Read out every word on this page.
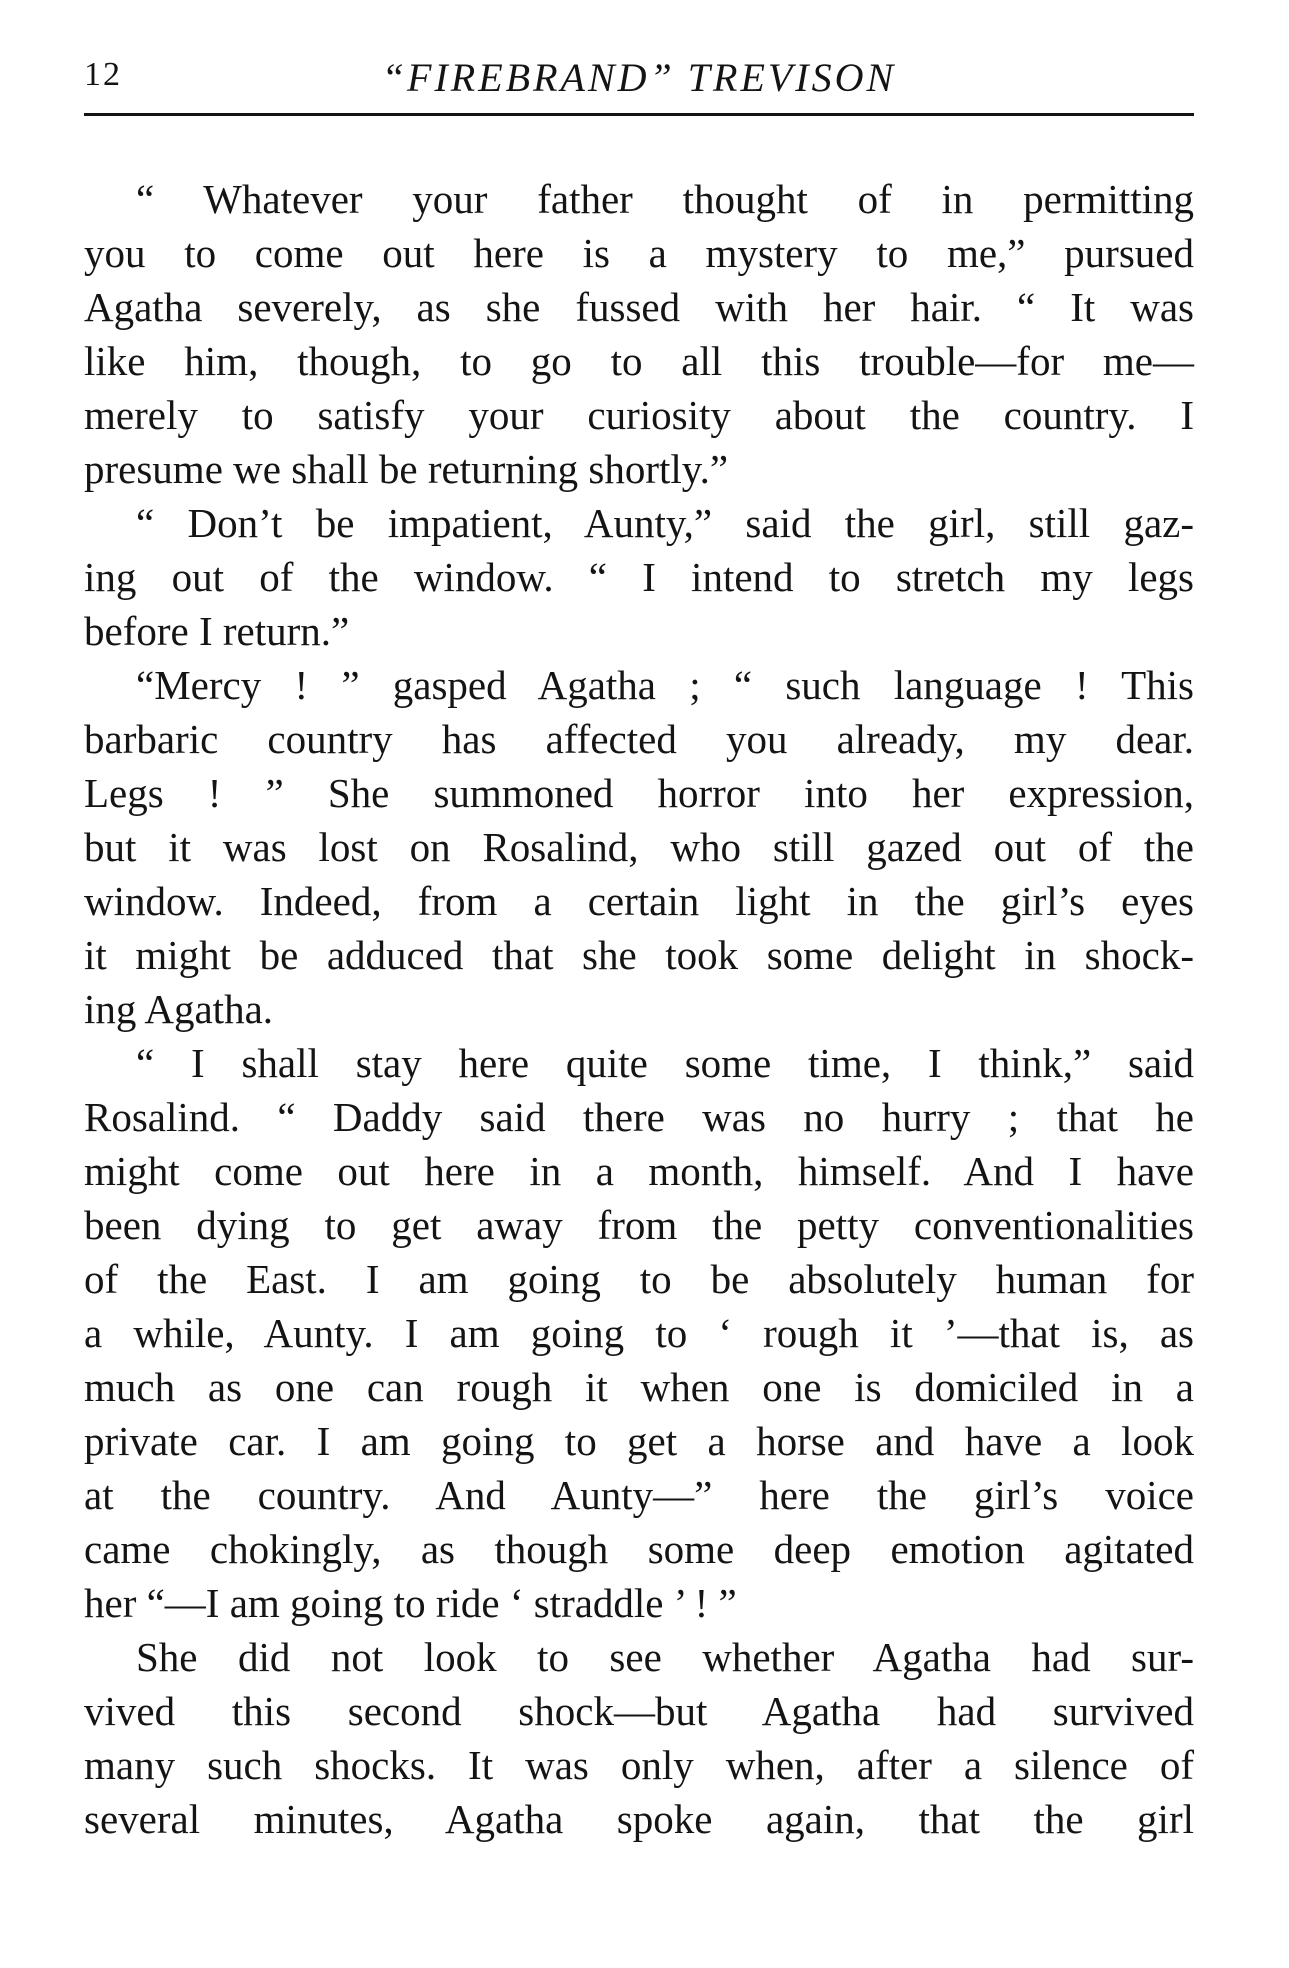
12	“FIREBRAND” TREVISON
“ Whatever your father thought of in permitting
you to come out here is a mystery to me,” pursued
Agatha severely, as she fussed with her hair. “ It was
like him, though, to go to all this trouble—for me—
merely to satisfy your curiosity about the country. I
presume we shall be returning shortly.”
“ Don’t be impatient, Aunty,” said the girl, still gaz-
ing out of the window. “ I intend to stretch my legs
before I return.”
“Mercy ! ” gasped Agatha ; “ such language ! This
barbaric country has affected you already, my dear.
Legs ! ” She summoned horror into her expression,
but it was lost on Rosalind, who still gazed out of the
window. Indeed, from a certain light in the girl’s eyes
it might be adduced that she took some delight in shock-
ing Agatha.
“ I shall stay here quite some time, I think,” said
Rosalind. “ Daddy said there was no hurry ; that he
might come out here in a month, himself. And I have
been dying to get away from the petty conventionalities
of the East. I am going to be absolutely human for
a while, Aunty. I am going to ‘ rough it ’—that is, as
much as one can rough it when one is domiciled in a
private car. I am going to get a horse and have a look
at the country. And Aunty—” here the girl’s voice
came chokingly, as though some deep emotion agitated
her “—I am going to ride ‘ straddle ’ ! ”
She did not look to see whether Agatha had sur-
vived this second shock—but Agatha had survived
many such shocks. It was only when, after a silence of
several minutes, Agatha spoke again, that the girl
